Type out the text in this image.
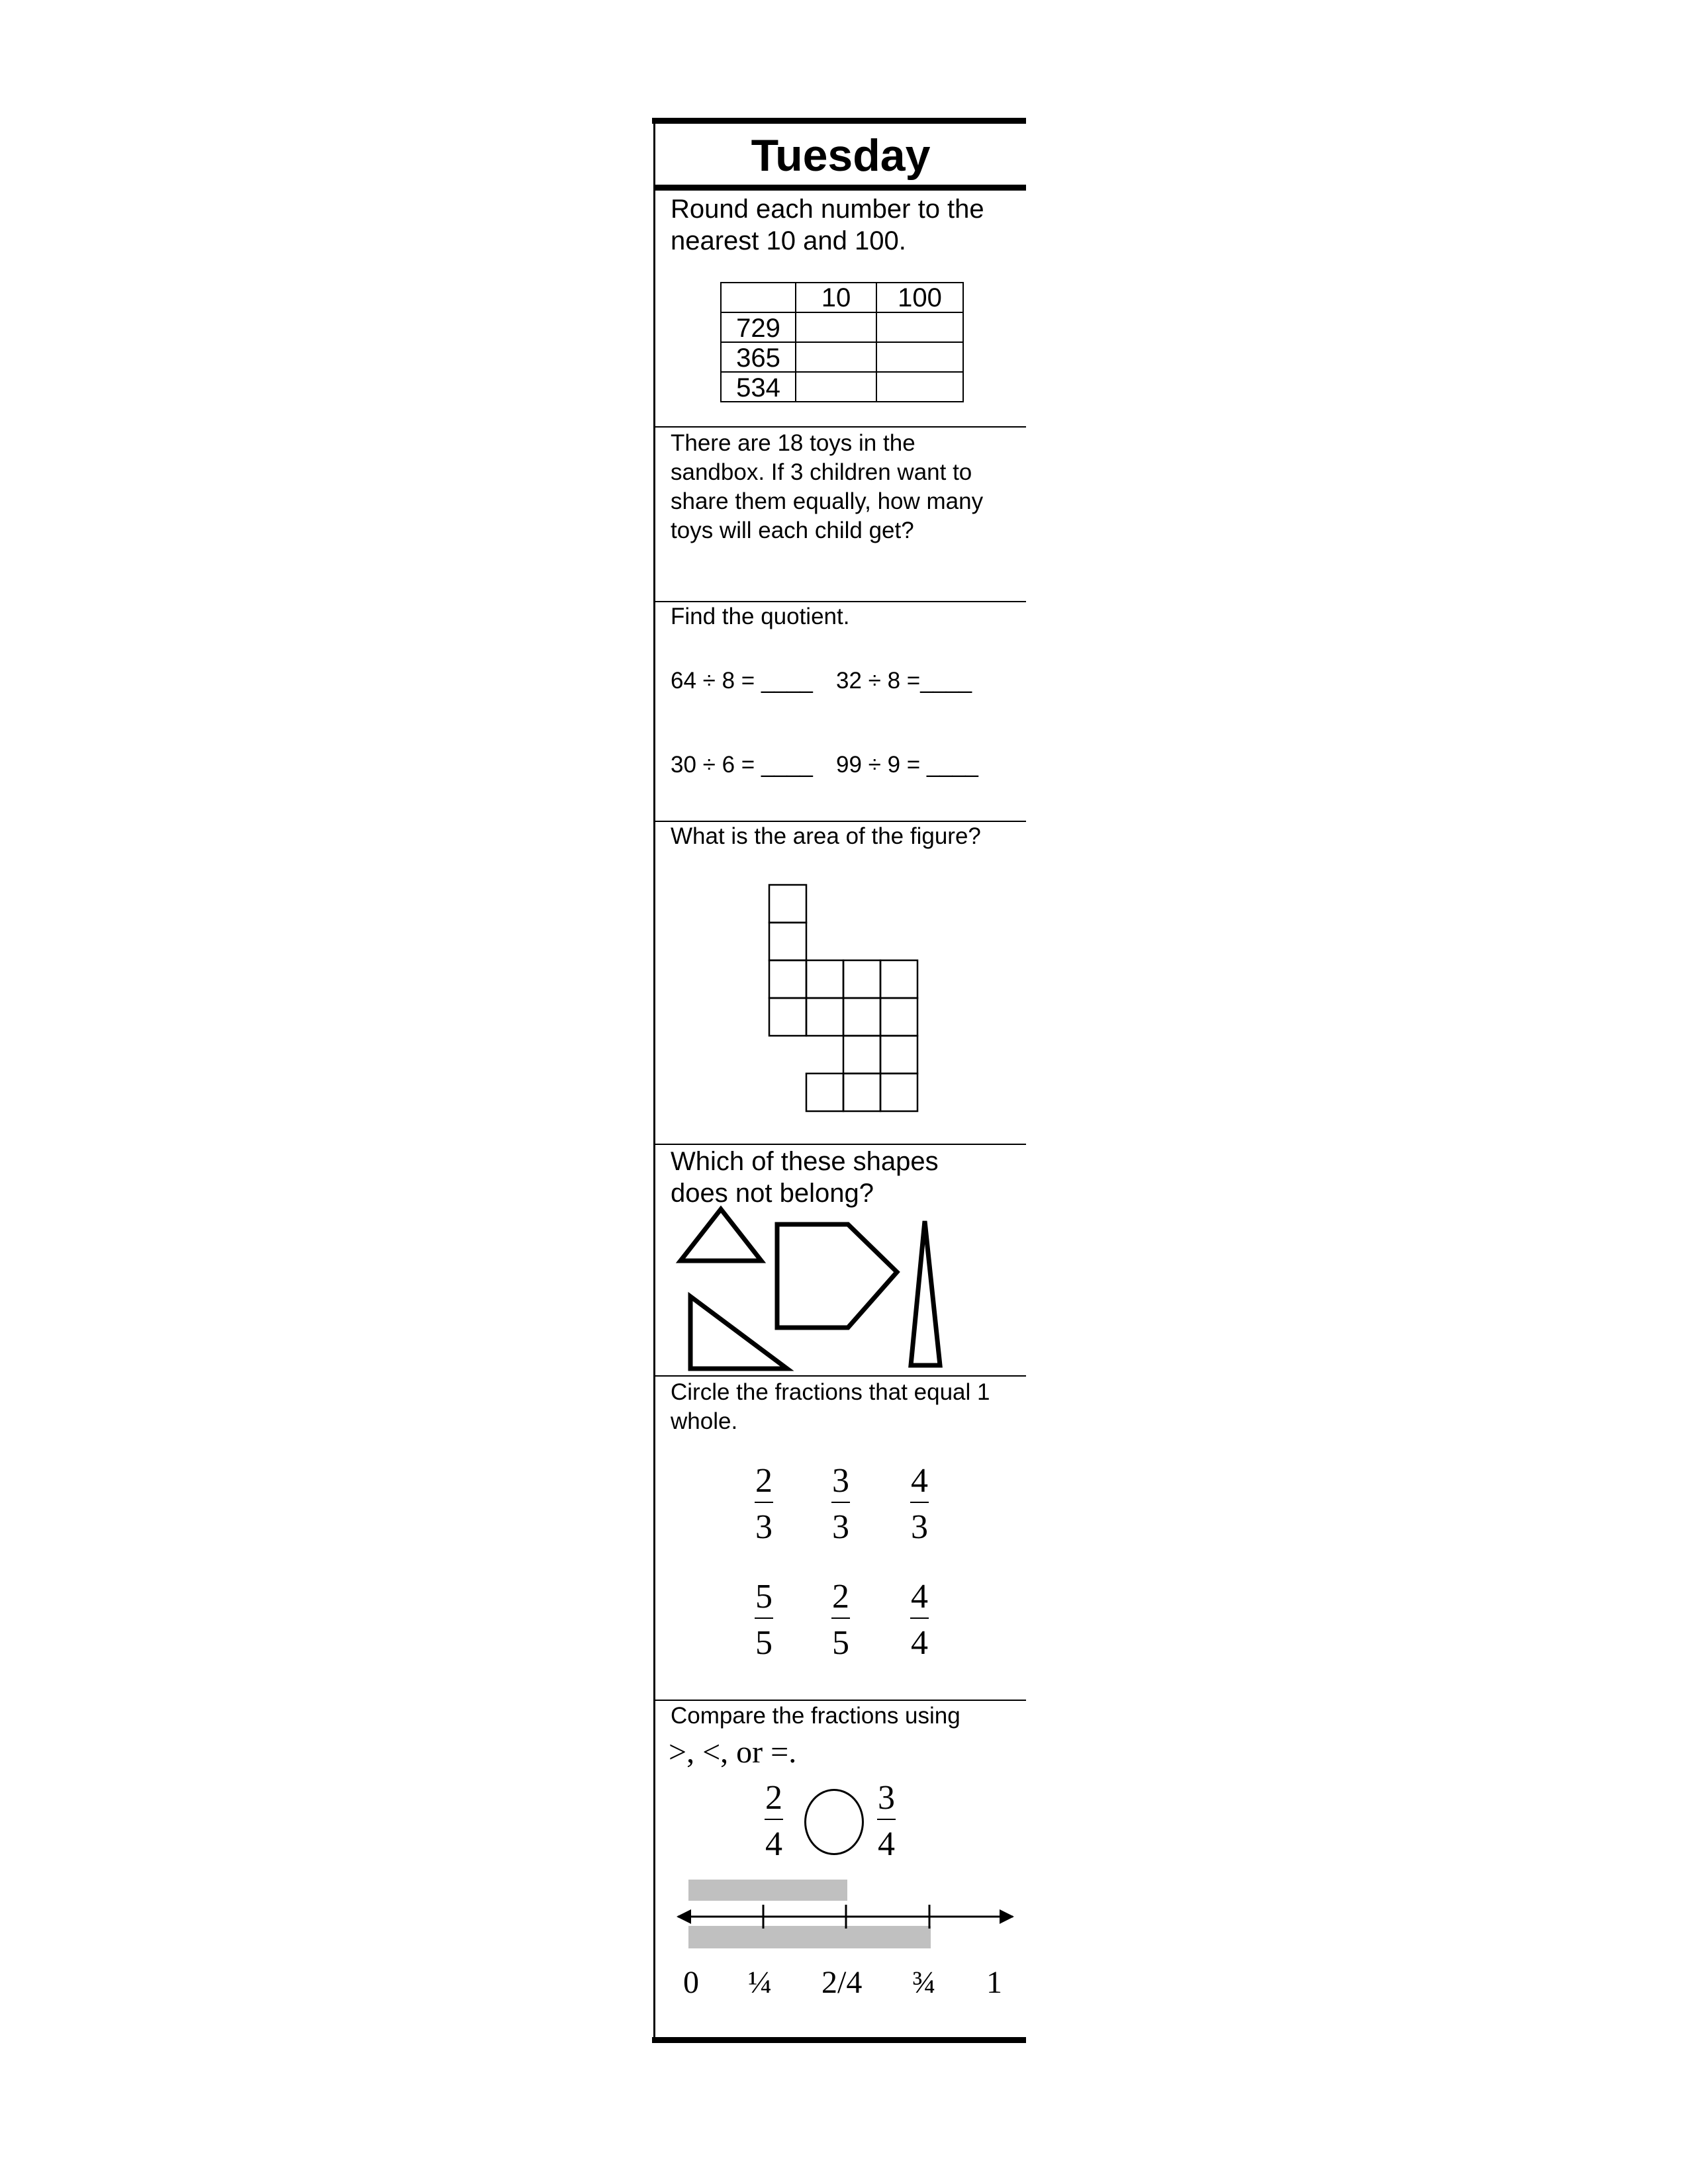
Tuesday
Round each number to the
nearest 10 and 100.
10	100
729
365
534
There are 18 toys in the
sandbox. If 3 children want to
share them equally, how many
toys will each child get?
Find the quotient.
64 ÷ 8 = ____ 32 ÷ 8 =____
30 ÷ 6 = ____ 99 ÷ 9 = ____
What is the area of the figure?
Which of these shapes
does not belong?
Circle the fractions that equal 1
whole.
2
3
3
3
4
3
5
5
2
5
4
4
Compare the fractions using
>, <, or =.
2
4
3
4
0 ¼ 2/4 ¾ 1
